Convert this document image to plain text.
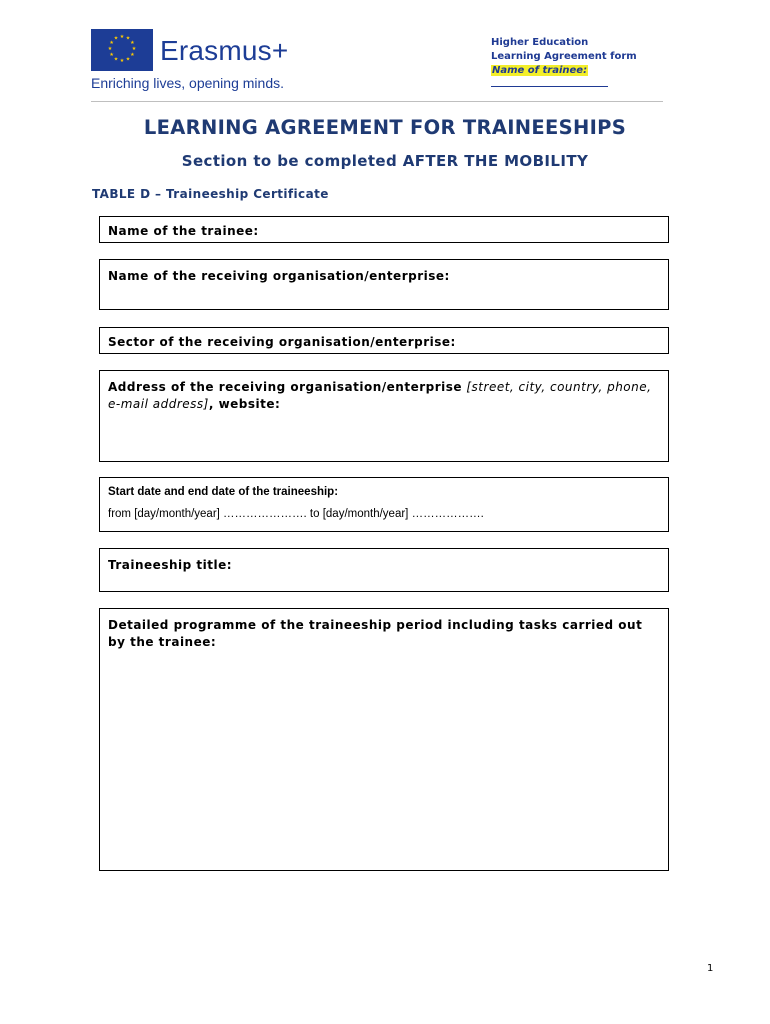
★ ★
★
★
★
★
★
★
★
★
★
★ Erasmus+
Enriching lives, opening minds.
Higher Education
Learning Agreement form
Name of trainee:
LEARNING AGREEMENT FOR TRAINEESHIPS
Section to be completed AFTER THE MOBILITY
TABLE D – Traineeship Certificate
Name of the trainee:
Name of the receiving organisation/enterprise:
Sector of the receiving organisation/enterprise:
Address of the receiving organisation/enterprise [street, city, country, phone, e-mail address], website:
Start date and end date of the traineeship:
from [day/month/year] …………………. to [day/month/year] ……………….
Traineeship title:
Detailed programme of the traineeship period including tasks carried out by the trainee:
1
